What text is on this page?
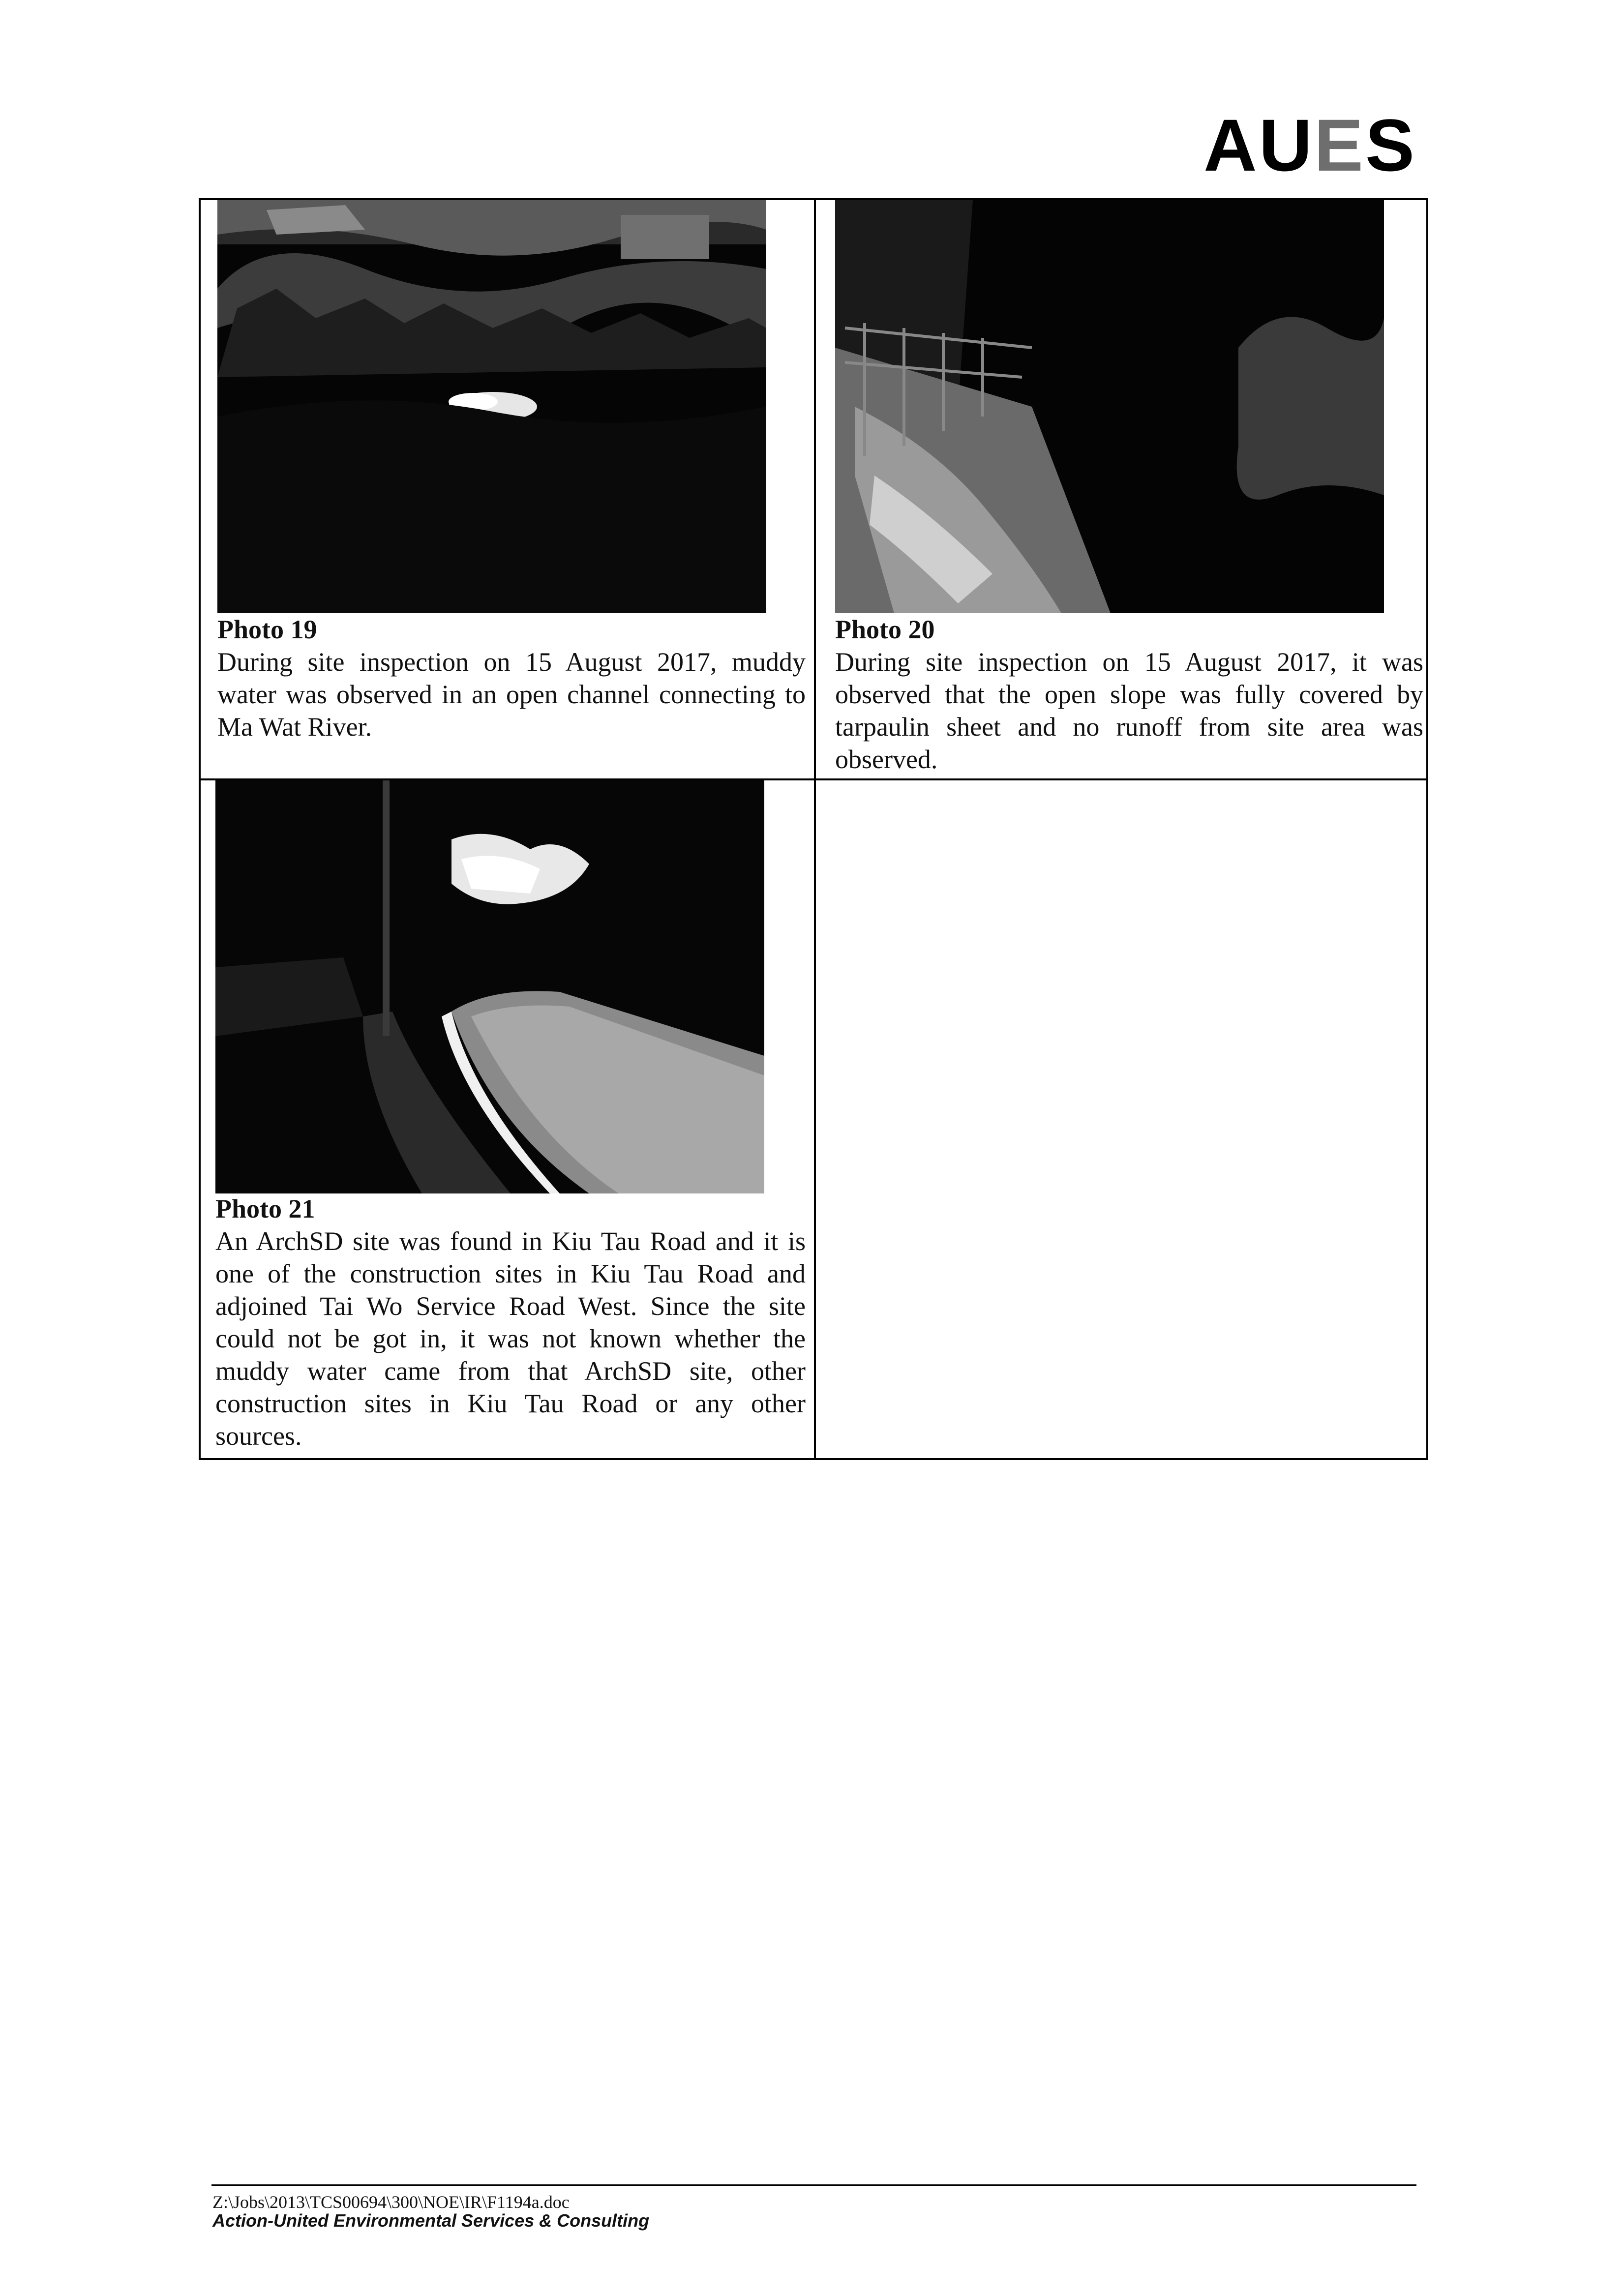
AUES
Photo 19
During site inspection on 15 August 2017, muddy water was observed in an open channel connecting to Ma Wat River.
Photo 20
During site inspection on 15 August 2017, it was observed that the open slope was fully covered by tarpaulin sheet and no runoff from site area was observed.
Photo 21
An ArchSD site was found in Kiu Tau Road and it is one of the construction sites in Kiu Tau Road and adjoined Tai Wo Service Road West. Since the site could not be got in, it was not known whether the muddy water came from that ArchSD site, other construction sites in Kiu Tau Road or any other sources.
Z:\Jobs\2013\TCS00694\300\NOE\IR\F1194a.doc
Action-United Environmental Services & Consulting
